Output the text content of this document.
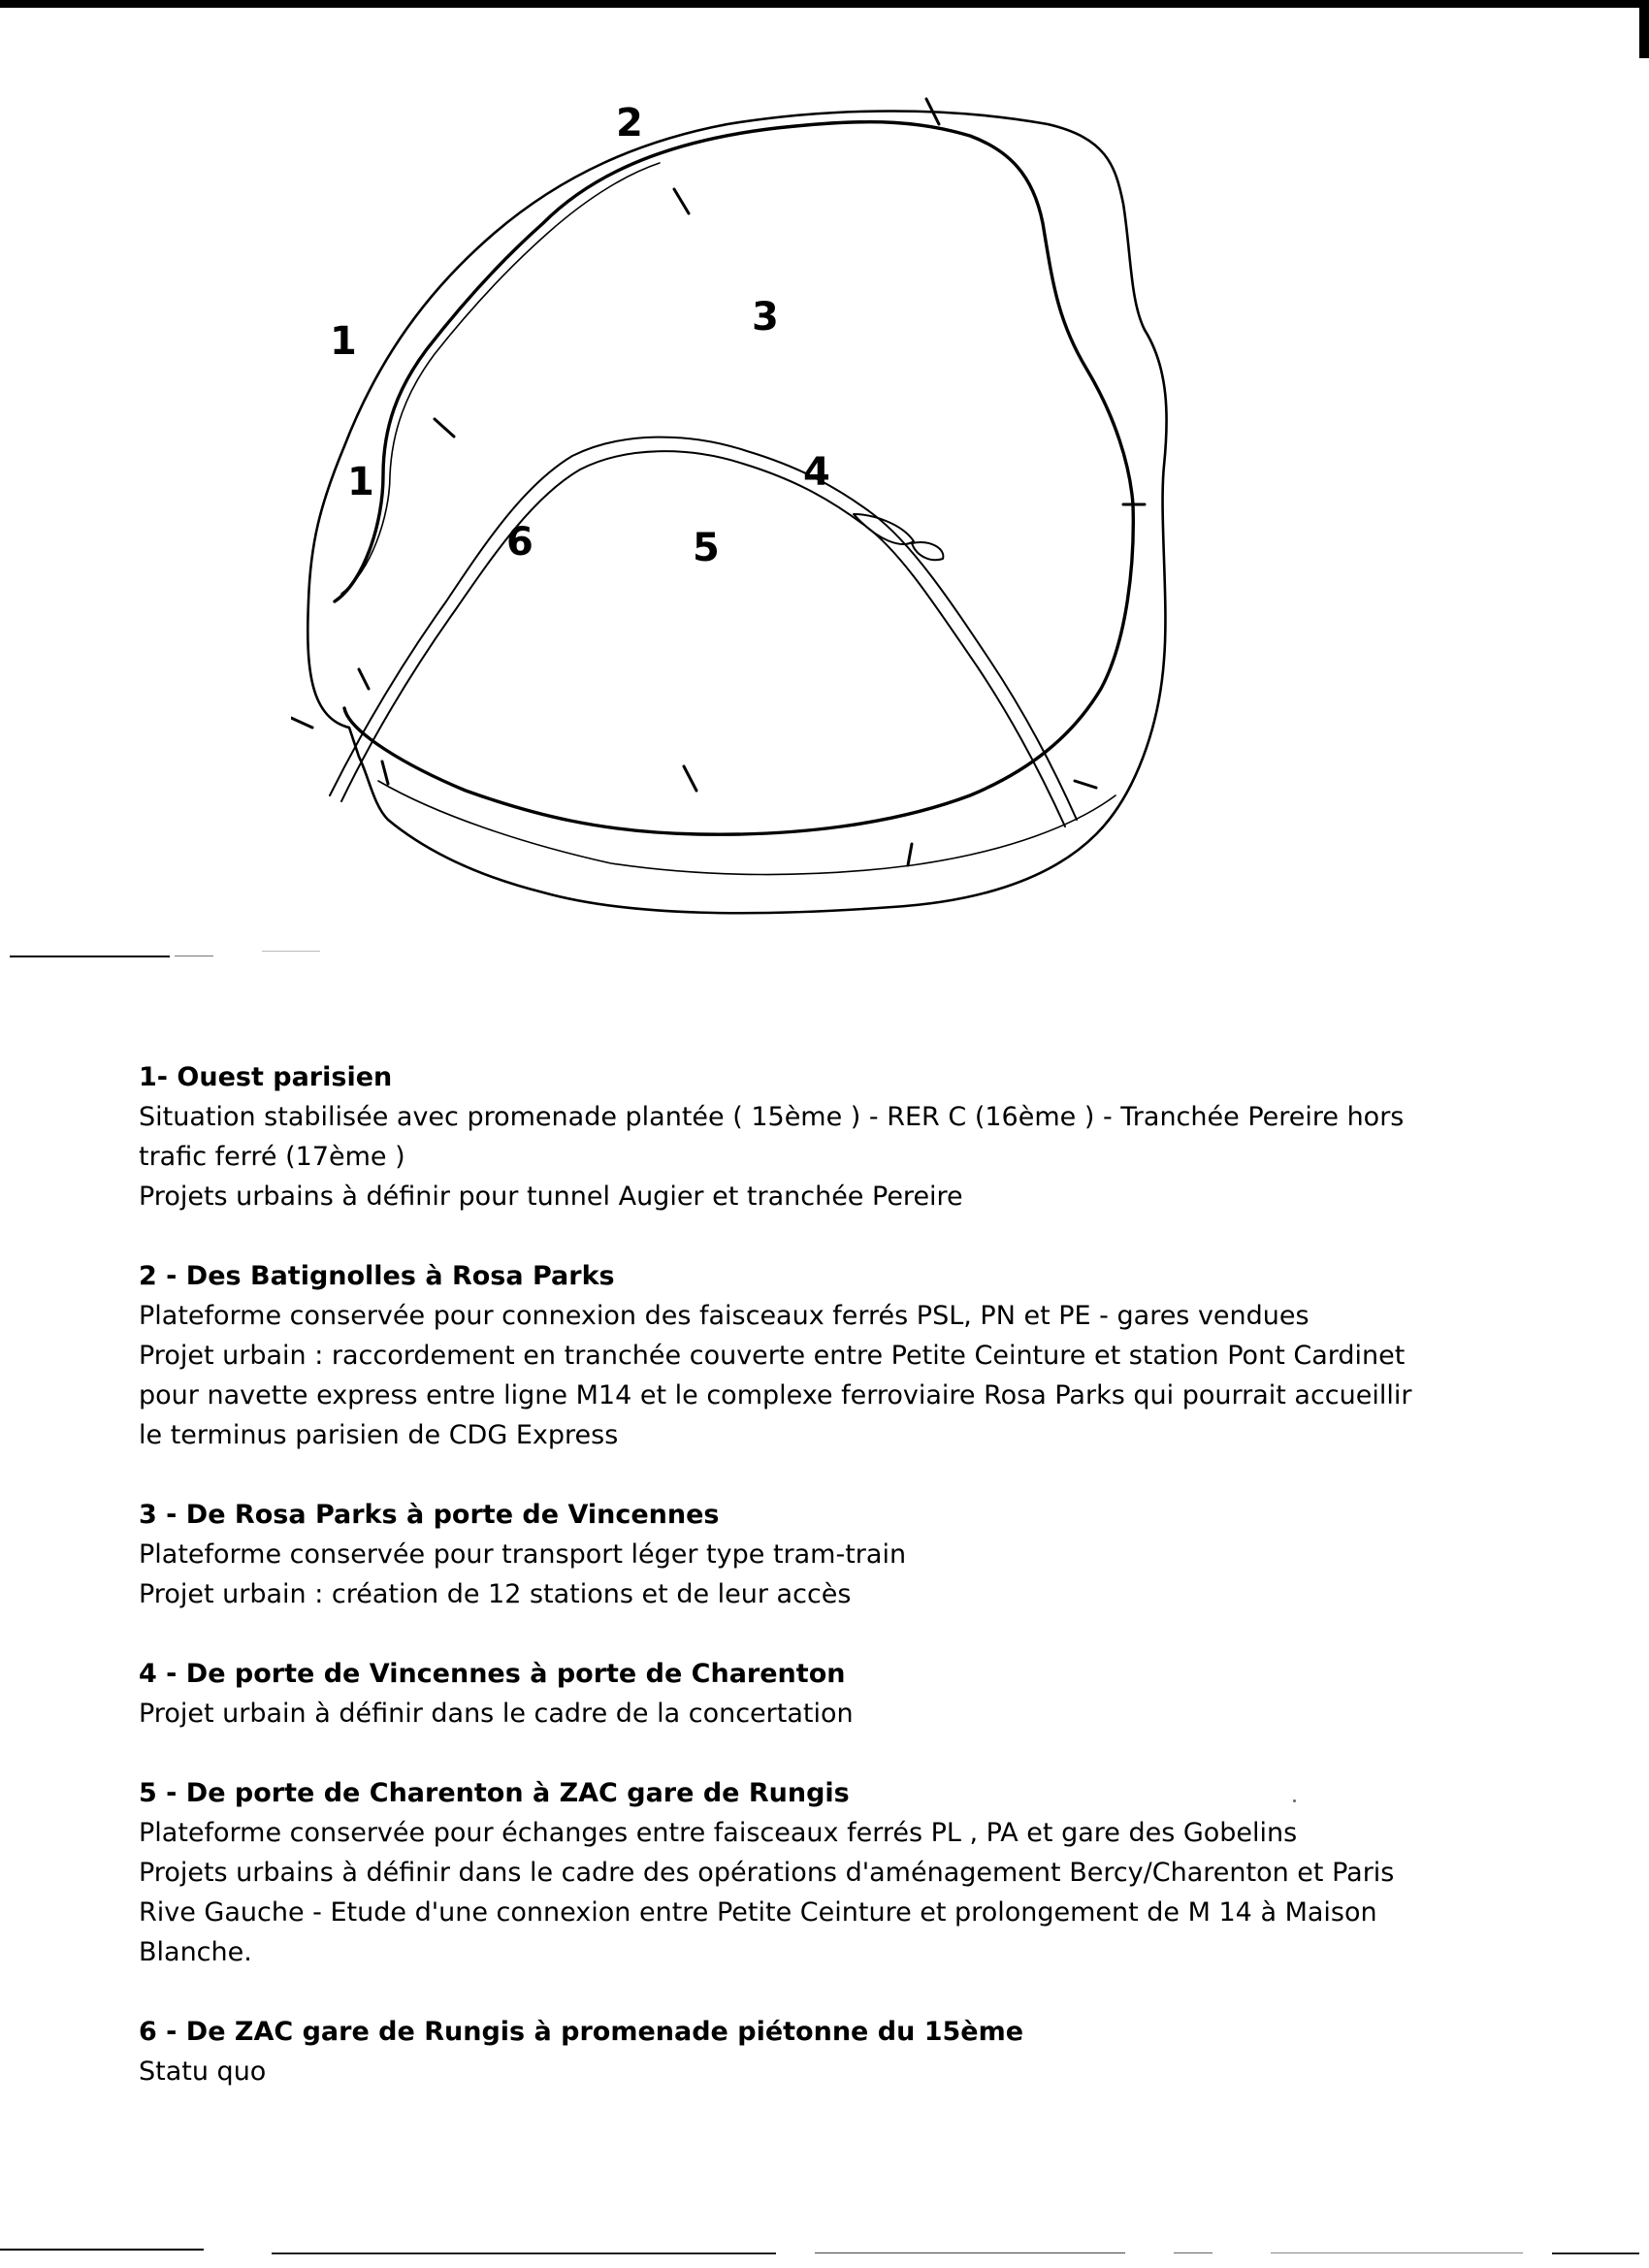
1
2
3
4
1
6	5

1- Ouest parisien

Situation stabilisée avec promenade plantée ( 15ème ) - RER C (16ème ) - Tranchée Pereire hors

trafic ferré (17ème )

Projets urbains à définir pour tunnel Augier et tranchée Pereire

2 - Des Batignolles à Rosa Parks

Plateforme conservée pour connexion des faisceaux ferrés PSL, PN et PE - gares vendues

Projet urbain : raccordement en tranchée couverte entre Petite Ceinture et station Pont Cardinet

pour navette express entre ligne M14 et le complexe ferroviaire Rosa Parks qui pourrait accueillir

le terminus parisien de CDG Express

3 - De Rosa Parks à porte de Vincennes

Plateforme conservée pour transport léger type tram-train

Projet urbain : création de 12 stations et de leur accès

4 - De porte de Vincennes à porte de Charenton

Projet urbain à définir dans le cadre de la concertation

5 - De porte de Charenton à ZAC gare de Rungis

Plateforme conservée pour échanges entre faisceaux ferrés PL , PA et gare des Gobelins

Projets urbains à définir dans le cadre des opérations d'aménagement Bercy/Charenton et Paris

Rive Gauche - Etude d'une connexion entre Petite Ceinture et prolongement de M 14 à Maison

Blanche.

6 - De ZAC gare de Rungis à promenade piétonne du 15ème

Statu quo
